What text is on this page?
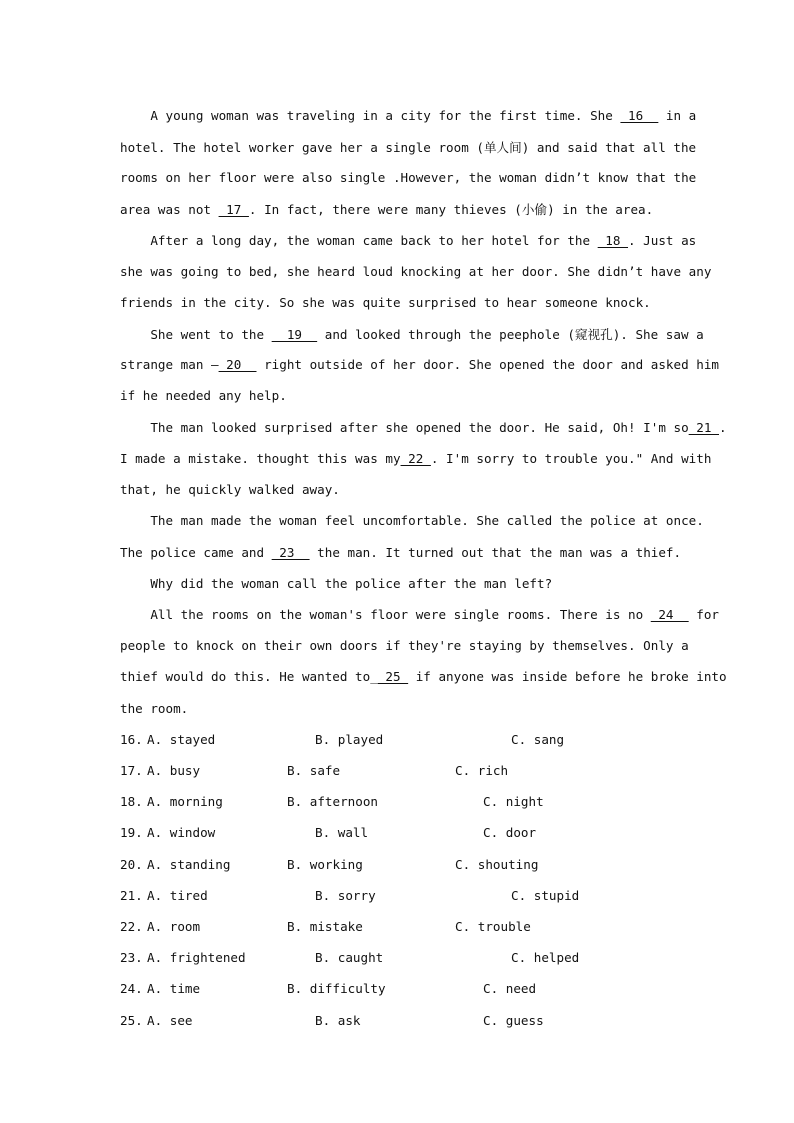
A young woman was traveling in a city for the first time. She  16   in a
hotel. The hotel worker gave her a single room (单人间) and said that all the
rooms on her floor were also single .However, the woman didn’t know that the
area was not  17 . In fact, there were many thieves (小偷) in the area.
After a long day, the woman came back to her hotel for the  18 . Just as
she was going to bed, she heard loud knocking at her door. She didn’t have any
friends in the city. So she was quite surprised to hear someone knock.
She went to the   19   and looked through the peephole (窥视孔). She saw a
strange man — 20   right outside of her door. She opened the door and asked him
if he needed any help.
The man looked surprised after she opened the door. He said, Oh! I'm so 21 .
I made a mistake. thought this was my 22 . I'm sorry to trouble you." And with
that, he quickly walked away.
The man made the woman feel uncomfortable. She called the police at once.
The police came and  23   the man. It turned out that the man was a thief.
Why did the woman call the police after the man left?
All the rooms on the woman's floor were single rooms. There is no  24   for
people to knock on their own doors if they're staying by themselves. Only a
thief would do this. He wanted to_ 25  if anyone was inside before he broke into
the room.
16. A. stayed	B. played	C. sang
17. A. busy	B. safe	C. rich
18. A. morning	B. afternoon	C. night
19. A. window	B. wall	C. door
20. A. standing	B. working	C. shouting
21. A. tired	B. sorry	C. stupid
22. A. room	B. mistake	C. trouble
23. A. frightened	B. caught	C. helped
24. A. time	B. difficulty	C. need
25. A. see	B. ask	C. guess
